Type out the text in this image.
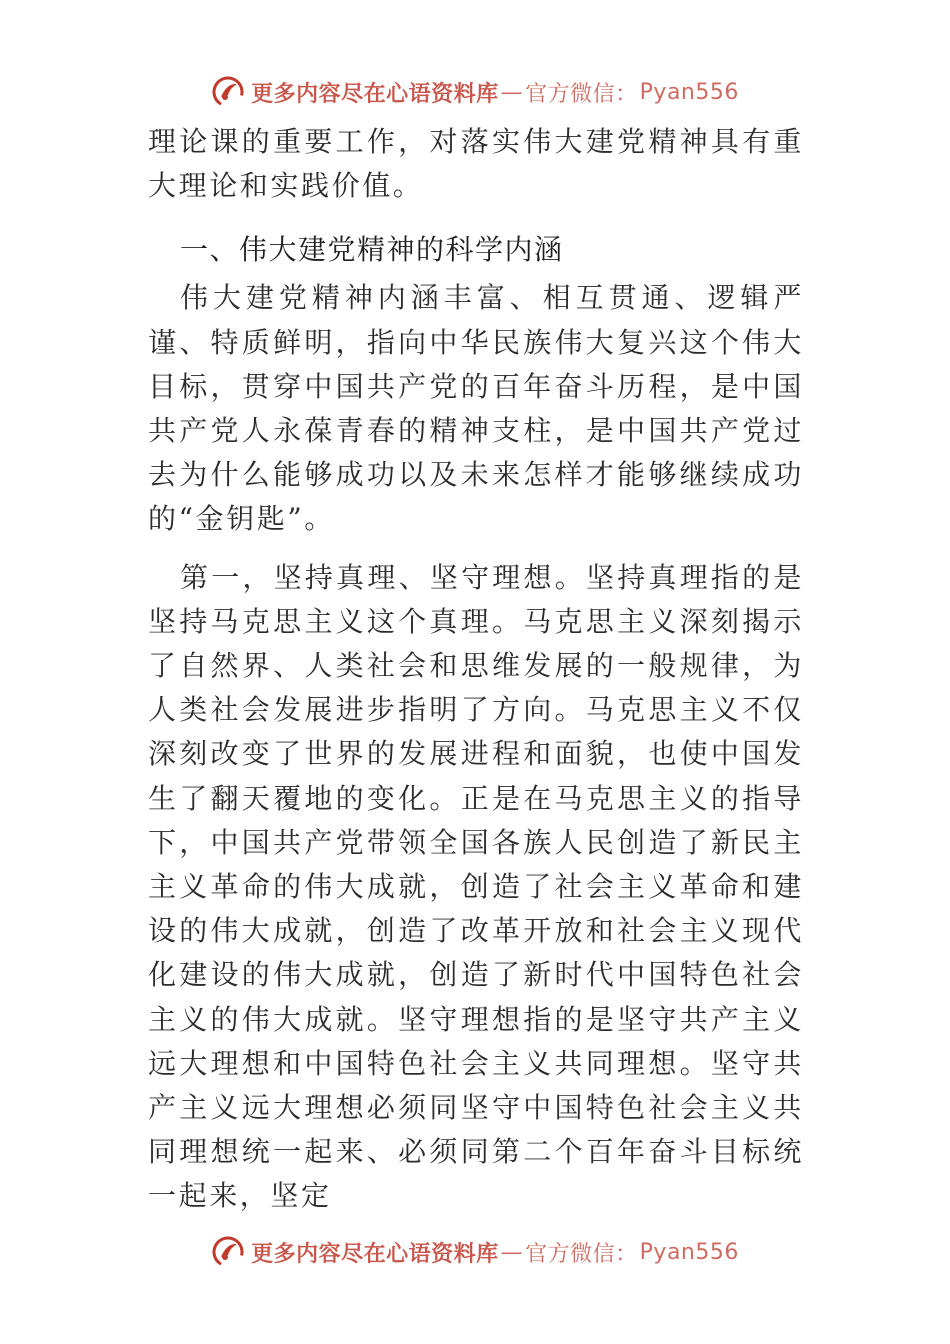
更多内容尽在心语资料库 — 官方微信： Pyan556

理论课的重要工作，对落实伟大建党精神具有重大理论和实践价值。

一、伟大建党精神的科学内涵

伟大建党精神内涵丰富、相互贯通、逻辑严谨、特质鲜明，指向中华民族伟大复兴这个伟大目标，贯穿中国共产党的百年奋斗历程，是中国共产党人永葆青春的精神支柱，是中国共产党过去为什么能够成功以及未来怎样才能够继续成功的“金钥匙”。

第一，坚持真理、坚守理想。坚持真理指的是坚持马克思主义这个真理。马克思主义深刻揭示了自然界、人类社会和思维发展的一般规律，为人类社会发展进步指明了方向。马克思主义不仅深刻改变了世界的发展进程和面貌，也使中国发生了翻天覆地的变化。正是在马克思主义的指导下，中国共产党带领全国各族人民创造了新民主主义革命的伟大成就，创造了社会主义革命和建设的伟大成就，创造了改革开放和社会主义现代化建设的伟大成就，创造了新时代中国特色社会主义的伟大成就。坚守理想指的是坚守共产主义远大理想和中国特色社会主义共同理想。坚守共产主义远大理想必须同坚守中国特色社会主义共同理想统一起来、必须同第二个百年奋斗目标统一起来，坚定

更多内容尽在心语资料库 — 官方微信： Pyan556
